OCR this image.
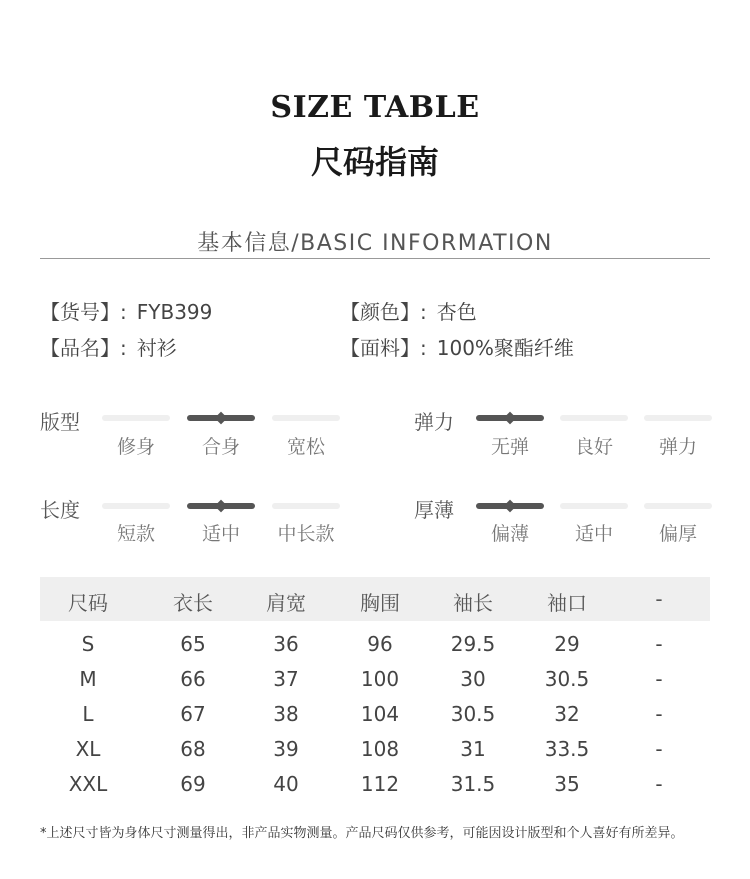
SIZE TABLE
尺码指南
基本信息/BASIC INFORMATION
【货号】: FYB399	【颜色】: 杏色
【品名】: 衬衫	【面料】: 100%聚酯纤维
版型
修身	合身	宽松
弹力
无弹	良好	弹力
长度
短款	适中	中长款
厚薄
偏薄	适中	偏厚
尺码	衣长	肩宽	胸围	袖长	袖口	-
S	65	36	96	29.5	29	-
M	66	37	100	30	30.5	-
L	67	38	104	30.5	32	-
XL	68	39	108	31	33.5	-
XXL	69	40	112	31.5	35	-
*上述尺寸皆为身体尺寸测量得出，非产品实物测量。产品尺码仅供参考，可能因设计版型和个人喜好有所差异。
